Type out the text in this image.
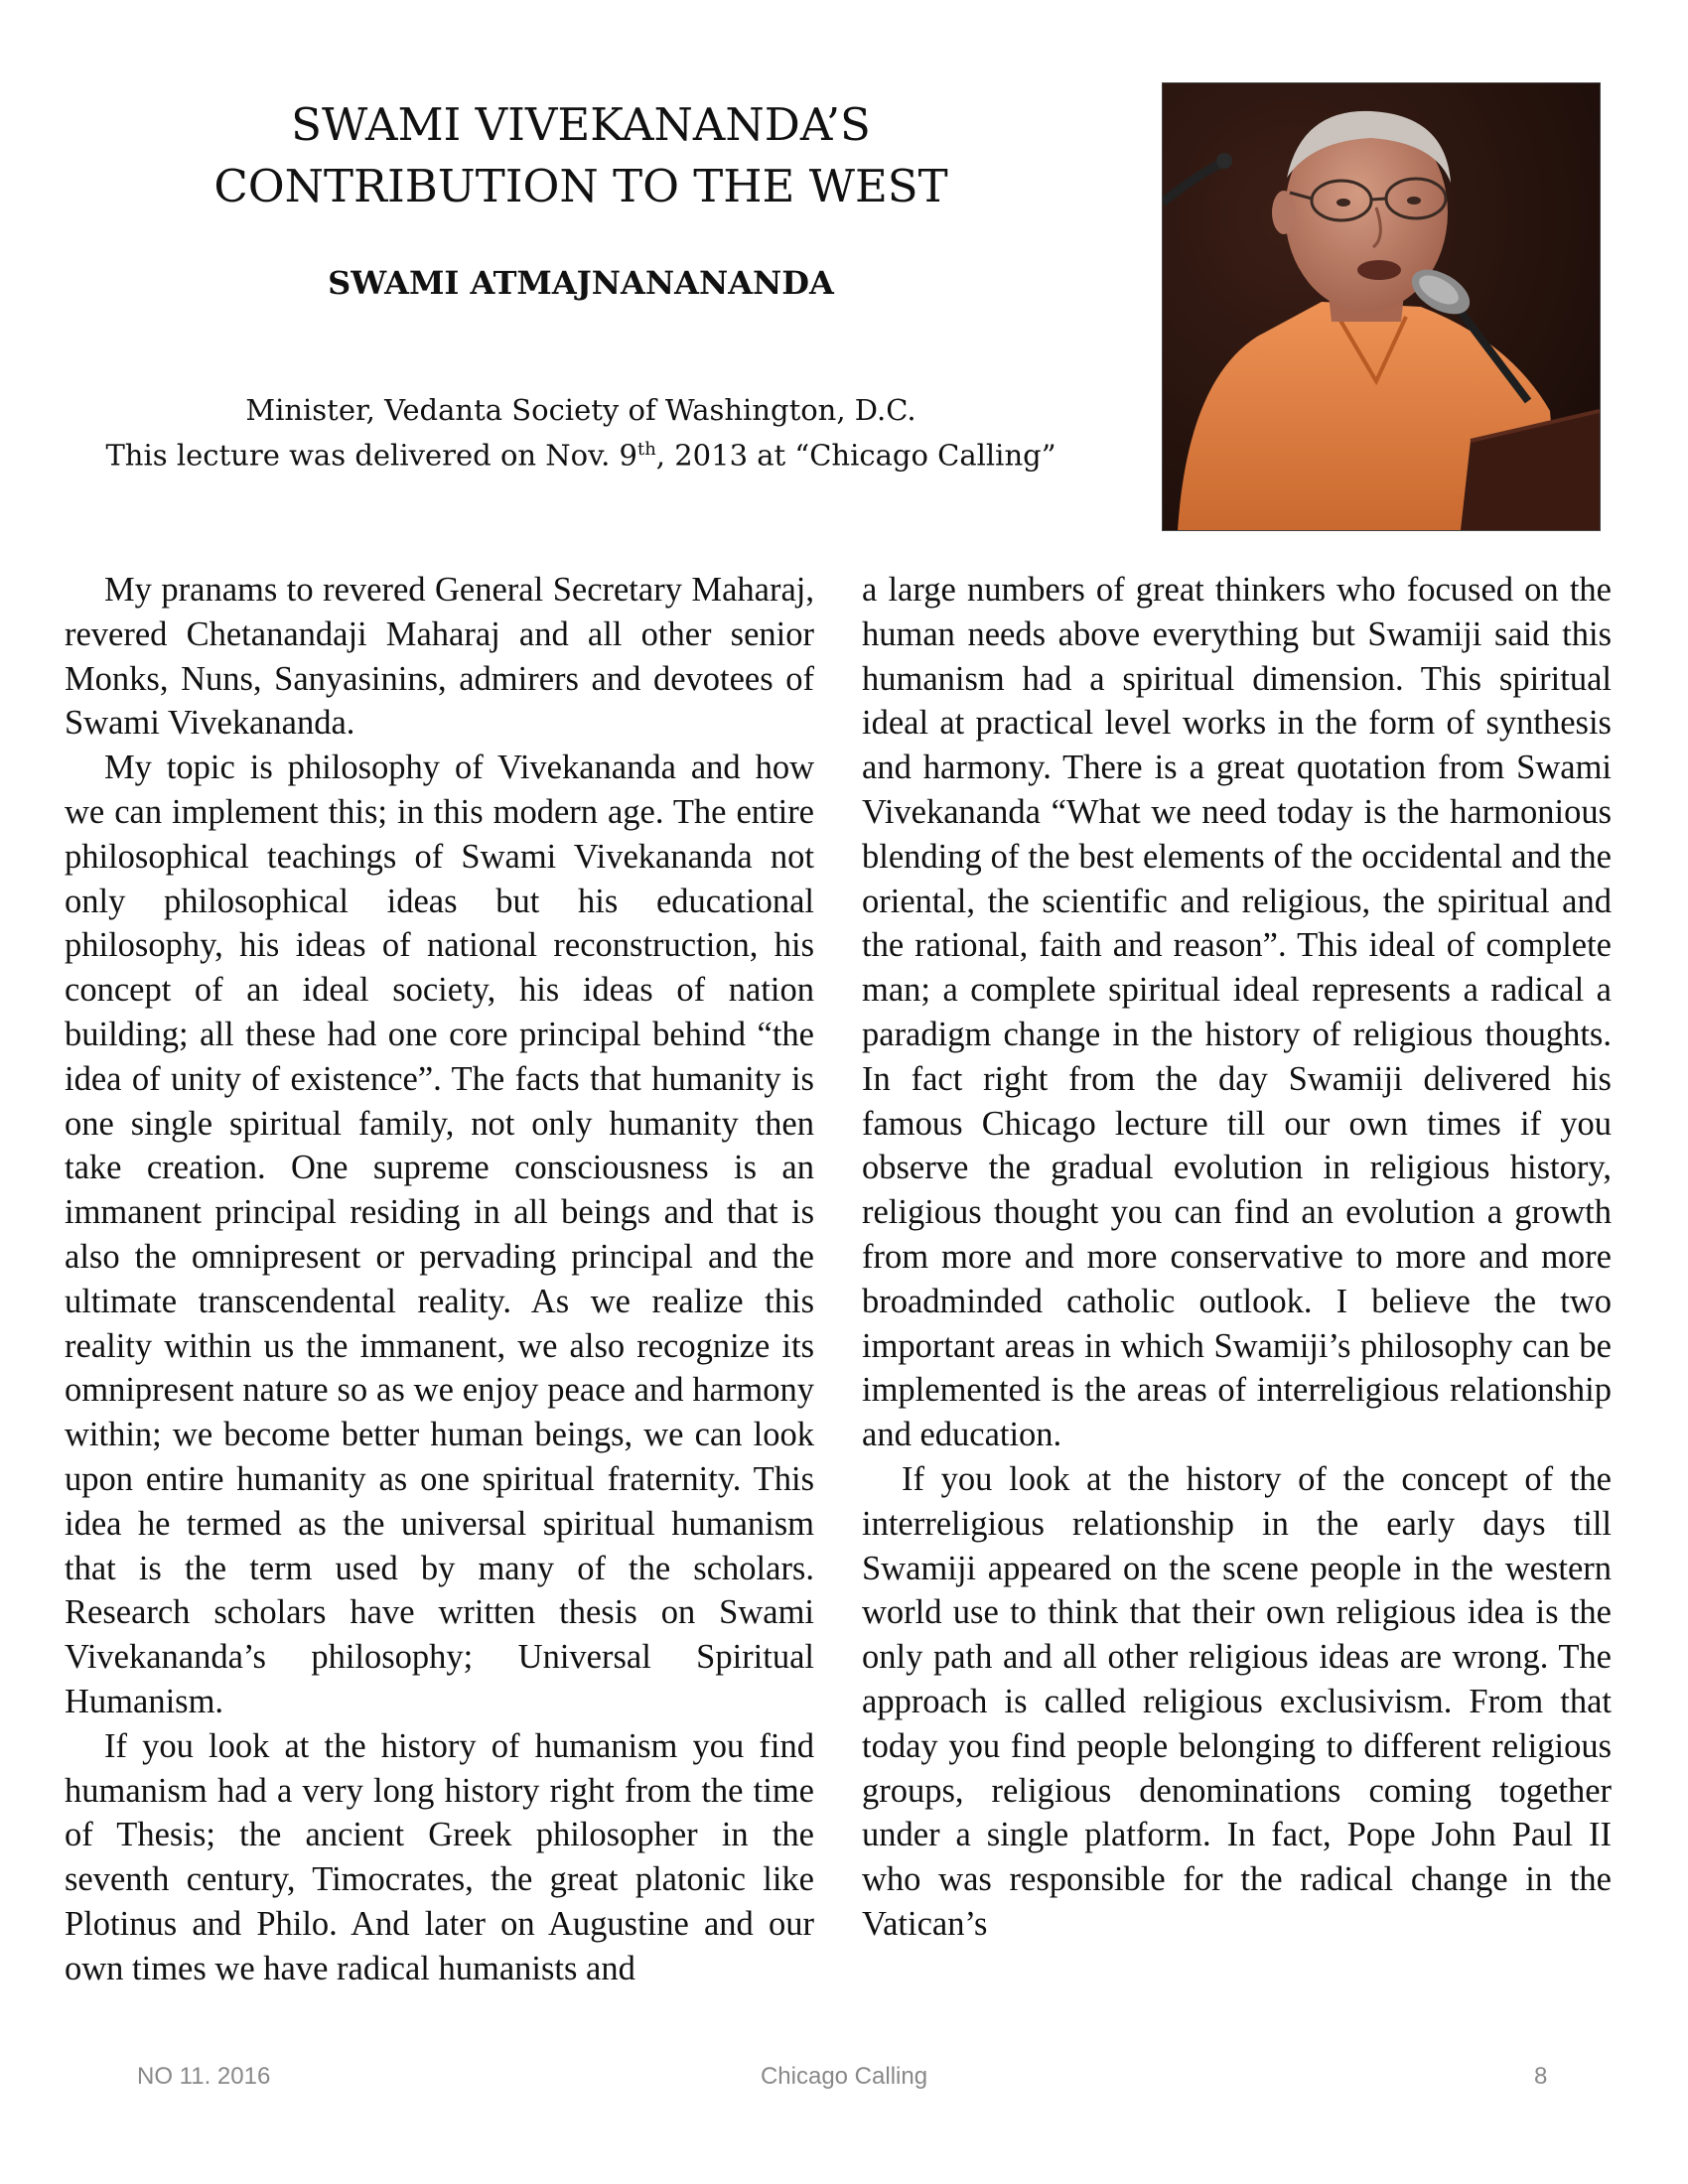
SWAMI VIVEKANANDA’S
CONTRIBUTION TO THE WEST
SWAMI ATMAJNANANANDA
Minister, Vedanta Society of Washington, D.C.
This lecture was delivered on Nov. 9th, 2013 at “Chicago Calling”

My pranams to revered General Secretary Maharaj, revered Chetanandaji Maharaj and all other senior Monks, Nuns, Sanyasinins, admirers and devotees of Swami Vivekananda.

My topic is philosophy of Vivekananda and how we can implement this; in this modern age. The entire philosophical teachings of Swami Vivekananda not only philosophical ideas but his educational philosophy, his ideas of national reconstruction, his concept of an ideal society, his ideas of nation building; all these had one core principal behind “the idea of unity of existence”. The facts that humanity is one single spiritual family, not only humanity then take creation. One supreme consciousness is an immanent principal residing in all beings and that is also the omnipresent or pervading principal and the ultimate transcendental reality. As we realize this reality within us the immanent, we also recognize its omnipresent nature so as we enjoy peace and harmony within; we become better human beings, we can look upon entire humanity as one spiritual fraternity. This idea he termed as the universal spiritual humanism that is the term used by many of the scholars. Research scholars have written thesis on Swami Vivekananda’s philosophy; Universal Spiritual Humanism.

If you look at the history of humanism you find humanism had a very long history right from the time of Thesis; the ancient Greek philosopher in the seventh century, Timocrates, the great platonic like Plotinus and Philo. And later on Augustine and our own times we have radical humanists and

a large numbers of great thinkers who focused on the human needs above everything but Swamiji said this humanism had a spiritual dimension. This spiritual ideal at practical level works in the form of synthesis and harmony. There is a great quotation from Swami Vivekananda “What we need today is the harmonious blending of the best elements of the occidental and the oriental, the scientific and religious, the spiritual and the rational, faith and reason”. This ideal of complete man; a complete spiritual ideal represents a radical a paradigm change in the history of religious thoughts. In fact right from the day Swamiji delivered his famous Chicago lecture till our own times if you observe the gradual evolution in religious history, religious thought you can find an evolution a growth from more and more conservative to more and more broadminded catholic outlook. I believe the two important areas in which Swamiji’s philosophy can be implemented is the areas of interreligious relationship and education.

If you look at the history of the concept of the interreligious relationship in the early days till Swamiji appeared on the scene people in the western world use to think that their own religious idea is the only path and all other religious ideas are wrong. The approach is called religious exclusivism. From that today you find people belonging to different religious groups, religious denominations coming together under a single platform. In fact, Pope John Paul II who was responsible for the radical change in the Vatican’s

NO 11. 2016	Chicago Calling	8
